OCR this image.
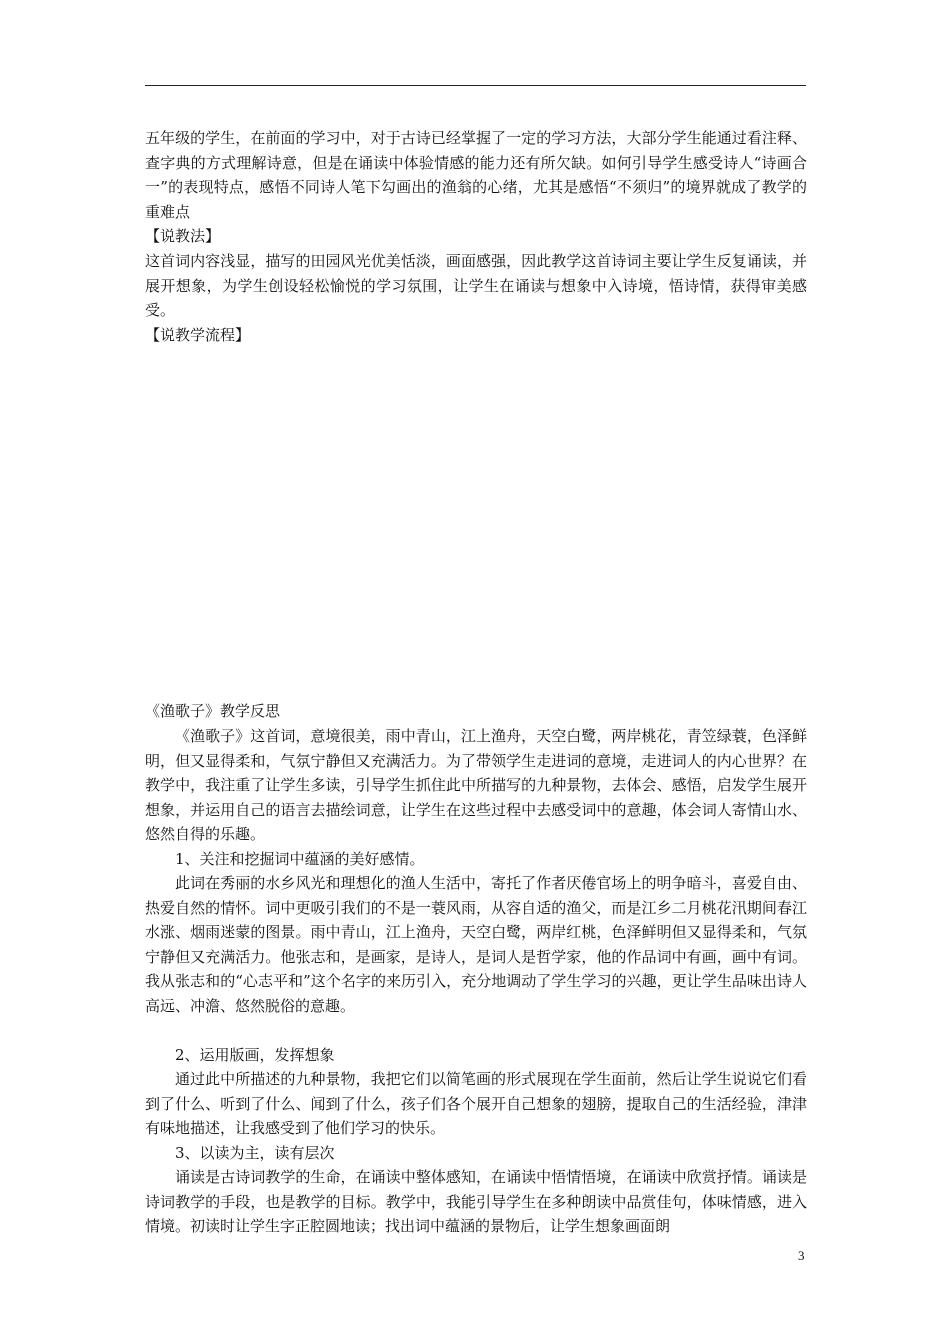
五年级的学生，在前面的学习中，对于古诗已经掌握了一定的学习方法，大部分学生能通过看注释、查字典的方式理解诗意，但是在诵读中体验情感的能力还有所欠缺。如何引导学生感受诗人“诗画合一”的表现特点，感悟不同诗人笔下勾画出的渔翁的心绪，尤其是感悟“不须归”的境界就成了教学的重难点

【说教法】

这首词内容浅显，描写的田园风光优美恬淡，画面感强，因此教学这首诗词主要让学生反复诵读，并展开想象，为学生创设轻松愉悦的学习氛围，让学生在诵读与想象中入诗境，悟诗情，获得审美感受。

【说教学流程】

《渔歌子》教学反思

《渔歌子》这首词，意境很美，雨中青山，江上渔舟，天空白鹭，两岸桃花，青笠绿蓑，色泽鲜明，但又显得柔和，气氛宁静但又充满活力。为了带领学生走进词的意境，走进词人的内心世界？在教学中，我注重了让学生多读，引导学生抓住此中所描写的九种景物，去体会、感悟，启发学生展开想象，并运用自己的语言去描绘词意，让学生在这些过程中去感受词中的意趣，体会词人寄情山水、悠然自得的乐趣。

1、关注和挖掘词中蕴涵的美好感情。

此词在秀丽的水乡风光和理想化的渔人生活中，寄托了作者厌倦官场上的明争暗斗，喜爱自由、热爱自然的情怀。词中更吸引我们的不是一蓑风雨，从容自适的渔父，而是江乡二月桃花汛期间春江水涨、烟雨迷蒙的图景。雨中青山，江上渔舟，天空白鹭，两岸红桃，色泽鲜明但又显得柔和，气氛宁静但又充满活力。他张志和，是画家，是诗人，是词人是哲学家，他的作品词中有画，画中有词。我从张志和的“心志平和”这个名字的来历引入，充分地调动了学生学习的兴趣，更让学生品味出诗人高远、冲澹、悠然脱俗的意趣。

2、运用版画，发挥想象

通过此中所描述的九种景物，我把它们以简笔画的形式展现在学生面前，然后让学生说说它们看到了什么、听到了什么、闻到了什么，孩子们各个展开自己想象的翅膀，提取自己的生活经验，津津有味地描述，让我感受到了他们学习的快乐。

3、以读为主，读有层次

诵读是古诗词教学的生命，在诵读中整体感知，在诵读中悟情悟境，在诵读中欣赏抒情。诵读是诗词教学的手段，也是教学的目标。教学中，我能引导学生在多种朗读中品赏佳句，体味情感，进入情境。初读时让学生字正腔圆地读；找出词中蕴涵的景物后，让学生想象画面朗

3
